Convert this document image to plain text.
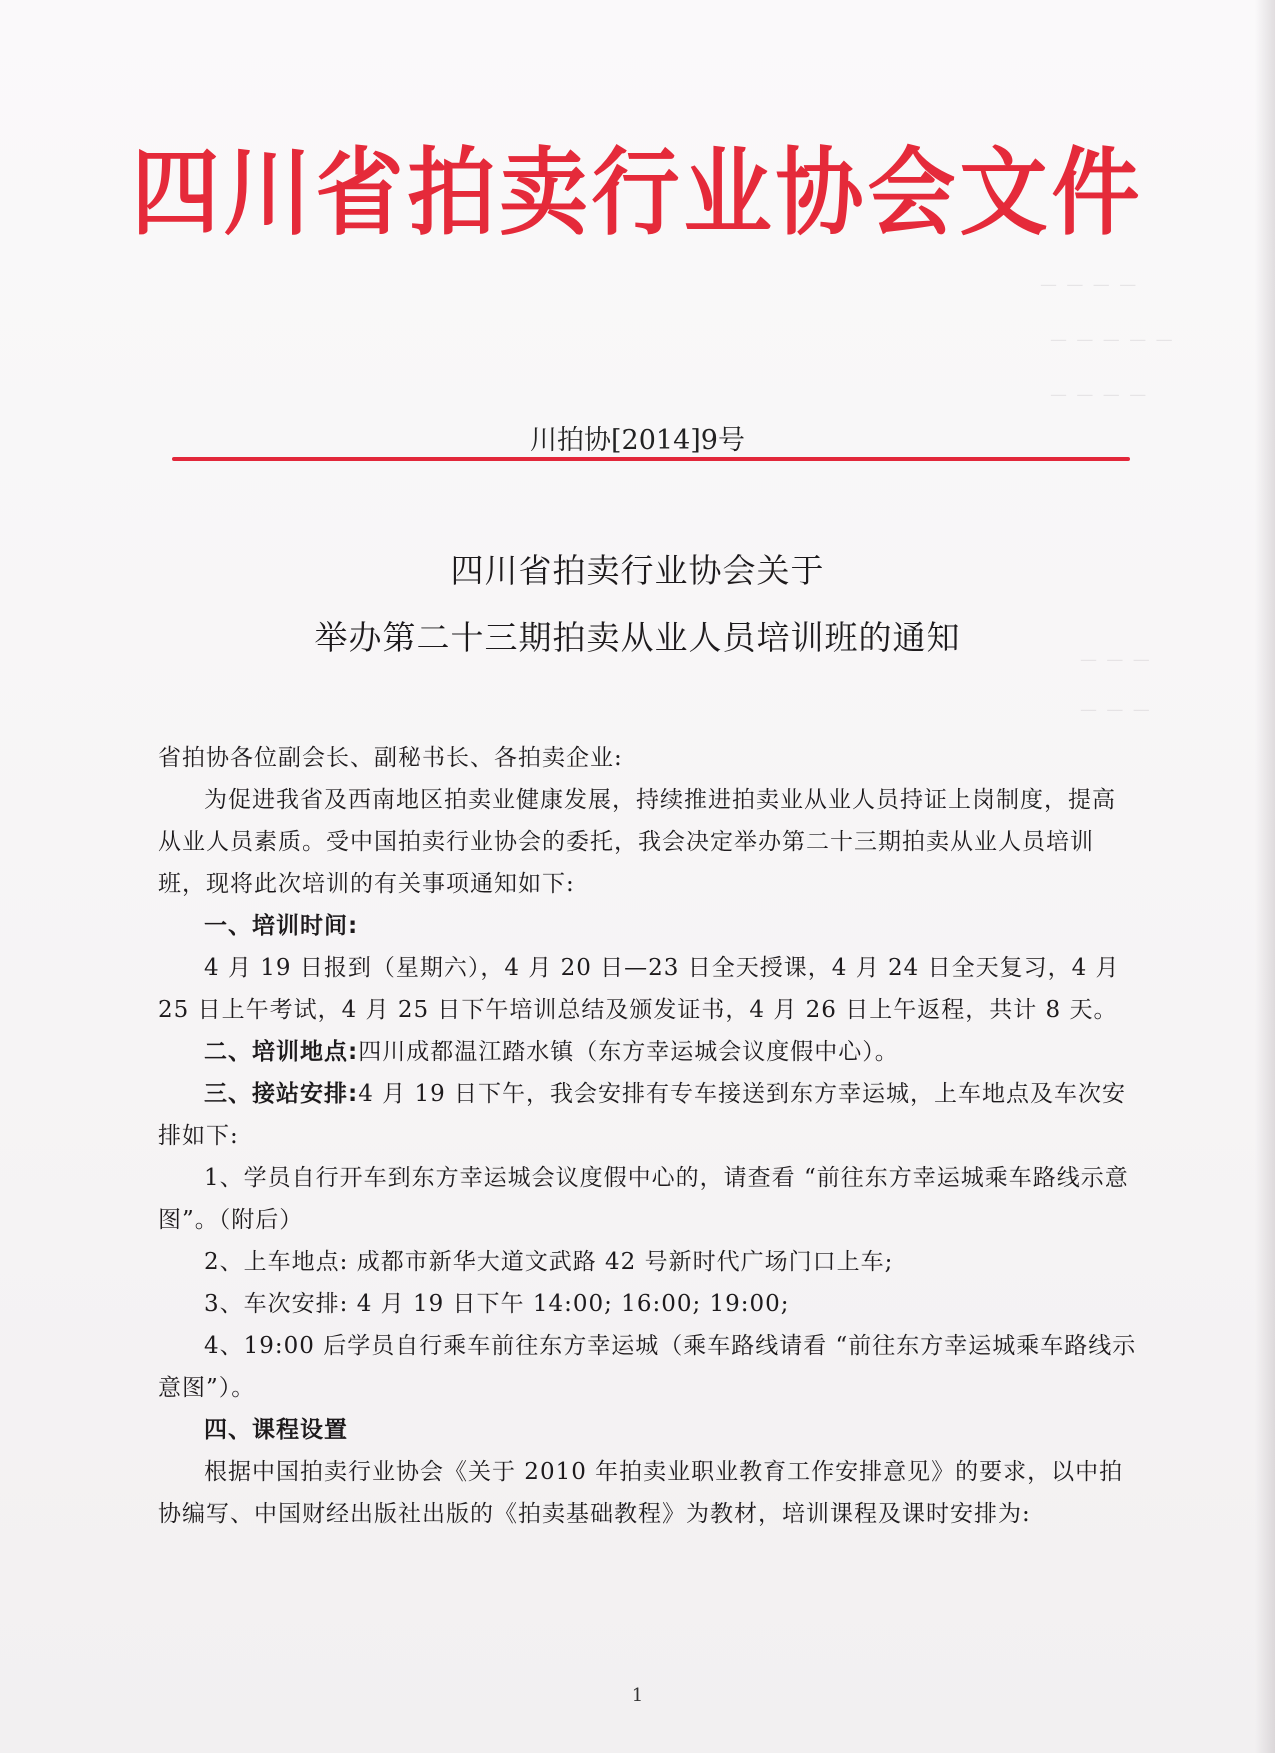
— — — —
— — — — —
— — — —
— — —
— — —
四川省拍卖行业协会文件
川拍协[2014]9号
四川省拍卖行业协会关于
举办第二十三期拍卖从业人员培训班的通知

省拍协各位副会长、副秘书长、各拍卖企业:

为促进我省及西南地区拍卖业健康发展，持续推进拍卖业从业人员持证上岗制度，提高从业人员素质。受中国拍卖行业协会的委托，我会决定举办第二十三期拍卖从业人员培训班，现将此次培训的有关事项通知如下:

一、培训时间:

4 月 19 日报到（星期六），4 月 20 日—23 日全天授课，4 月 24 日全天复习，4 月 25 日上午考试，4 月 25 日下午培训总结及颁发证书，4 月 26 日上午返程，共计 8 天。

二、培训地点:四川成都温江踏水镇（东方幸运城会议度假中心）。

三、接站安排:4 月 19 日下午，我会安排有专车接送到东方幸运城，上车地点及车次安排如下:

1、学员自行开车到东方幸运城会议度假中心的，请查看 “前往东方幸运城乘车路线示意图”。（附后）

2、上车地点: 成都市新华大道文武路 42 号新时代广场门口上车;

3、车次安排: 4 月 19 日下午 14:00; 16:00; 19:00;

4、19:00 后学员自行乘车前往东方幸运城（乘车路线请看 “前往东方幸运城乘车路线示意图”）。

四、课程设置

根据中国拍卖行业协会《关于 2010 年拍卖业职业教育工作安排意见》的要求，以中拍协编写、中国财经出版社出版的《拍卖基础教程》为教材，培训课程及课时安排为:

1
